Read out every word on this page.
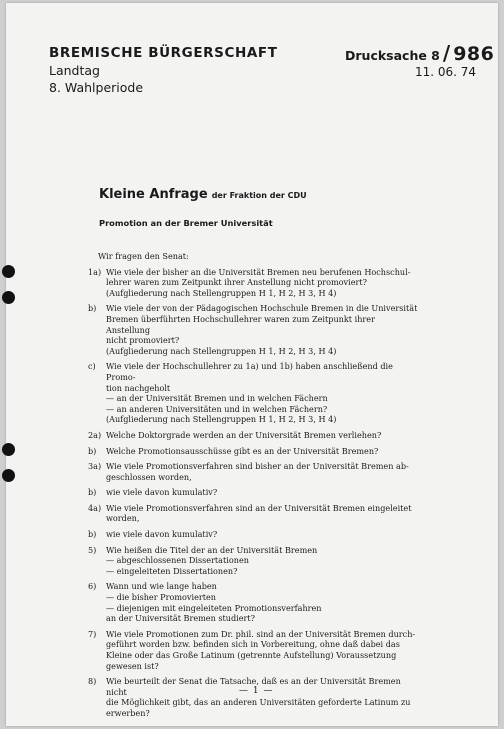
BREMISCHE BÜRGERSCHAFT
Landtag
8. Wahlperiode
Drucksache 8 / 986
11. 06. 74
Kleine Anfrage der Fraktion der CDU
Promotion an der Bremer Universität
Wir fragen den Senat:
1a) Wie viele der bisher an die Universität Bremen neu berufenen Hochschul-
lehrer waren zum Zeitpunkt ihrer Anstellung nicht promoviert?
(Aufgliederung nach Stellengruppen H 1, H 2, H 3, H 4)
b)	Wie viele der von der Pädagogischen Hochschule Bremen in die Universität
Bremen überführten Hochschullehrer waren zum Zeitpunkt ihrer Anstellung
nicht promoviert?
(Aufgliederung nach Stellengruppen H 1, H 2, H 3, H 4)
c)	Wie viele der Hochschullehrer zu 1a) und 1b) haben anschließend die Promo-
tion nachgeholt
— an der Universität Bremen und in welchen Fächern
— an anderen Universitäten und in welchen Fächern?
(Aufgliederung nach Stellengruppen H 1, H 2, H 3, H 4)
2a) Welche Doktorgrade werden an der Universität Bremen verliehen?
b)	Welche Promotionsausschüsse gibt es an der Universität Bremen?
3a) Wie viele Promotionsverfahren sind bisher an der Universität Bremen ab-
geschlossen worden,
b)	wie viele davon kumulativ?
4a) Wie viele Promotionsverfahren sind an der Universität Bremen eingeleitet
worden,
b)	wie viele davon kumulativ?
5)	Wie heißen die Titel der an der Universität Bremen
— abgeschlossenen Dissertationen
— eingeleiteten Dissertationen?
6)	Wann und wie lange haben
— die bisher Promovierten
— diejenigen mit eingeleiteten Promotionsverfahren
an der Universität Bremen studiert?
7)	Wie viele Promotionen zum Dr. phil. sind an der Universität Bremen durch-
geführt worden bzw. befinden sich in Vorbereitung, ohne daß dabei das
Kleine oder das Große Latinum (getrennte Aufstellung) Voraussetzung
gewesen ist?
8)	Wie beurteilt der Senat die Tatsache, daß es an der Universität Bremen nicht
die Möglichkeit gibt, das an anderen Universitäten geforderte Latinum zu
erwerben?
— 1 —
